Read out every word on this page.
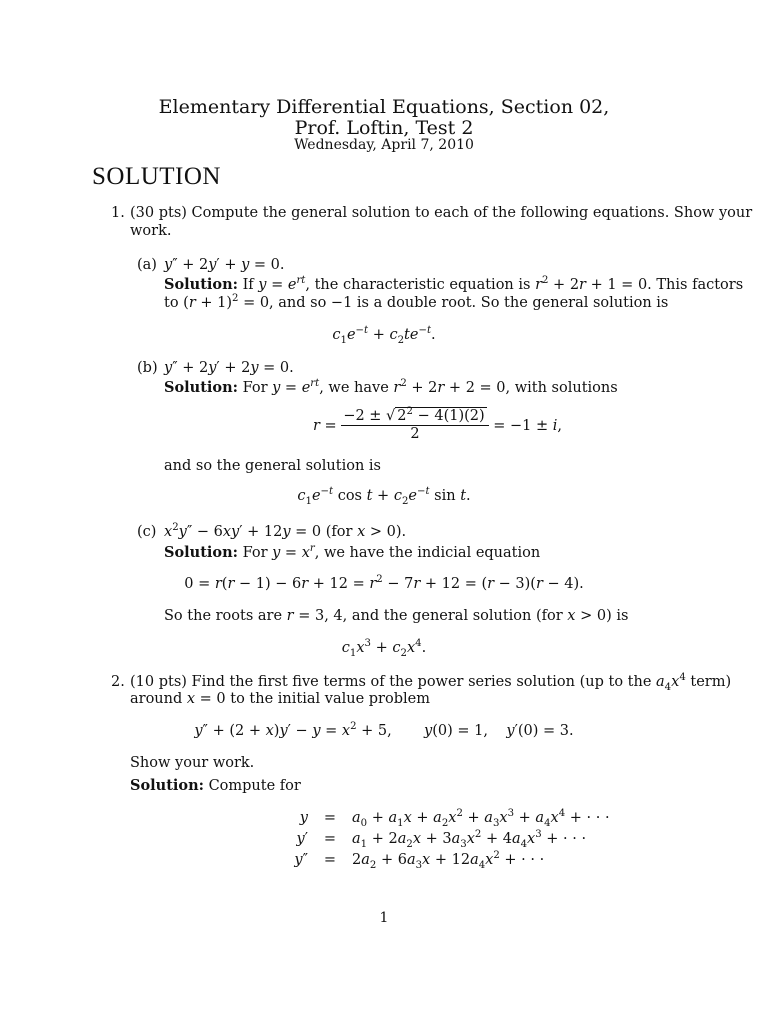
Elementary Differential Equations, Section 02,
Prof. Loftin, Test 2
Wednesday, April 7, 2010
SOLUTION
1. (30 pts) Compute the general solution to each of the following equations. Show your
work.
(a) y″ + 2y′ + y = 0.
Solution: If $y = e^{rt}$, the characteristic equation is $r^2 + 2r + 1 = 0$. This factors
to $(r + 1)^2 = 0$, and so −1 is a double root. So the general solution is
$c_1e^{-t} + c_2te^{-t}$.
(b) y″ + 2y′ + 2y = 0.
Solution: For $y = e^{rt}$, we have $r^2 + 2r + 2 = 0$, with solutions
$r = \frac{-2 \pm √ 2^2 - 4(1)(2)}{2} = -1 \pm i$,
and so the general solution is
$c_1e^{-t}$ $\cos t + c_2e^{-t}$ sin t.
(c) $x^2y'' - 6xy' + 12y = 0$ (for x > 0).
Solution: For $y = x^r$, we have the indicial equation
$0 = r(r - 1) - 6r + 12 = r^2 - 7r + 12 = (r - 3)(r - 4)$.
So the roots are r = 3, 4, and the general solution (for x > 0) is
$c_1x^3 + c_2x^4$.
2. (10 pts) Find the first five terms of the power series solution (up to the $a_4x^4$ term)
around x = 0 to the initial value problem
$y'' + (2 + x)y' - y = x^2 + 5$,       y(0) = 1,    y′(0) = 3.
Show your work.
Solution: Compute for
y	=	$a_0 + a_1x + a_2x^2 + a_3x^3 + a_4x^4$ + · · ·
y′	=	$a_1 + 2a_2x + 3a_3x^2 + 4a_4x^3$ + · · ·
y″	=	$2a_2 + 6a_3x + 12a_4x^2$ + · · ·
1
